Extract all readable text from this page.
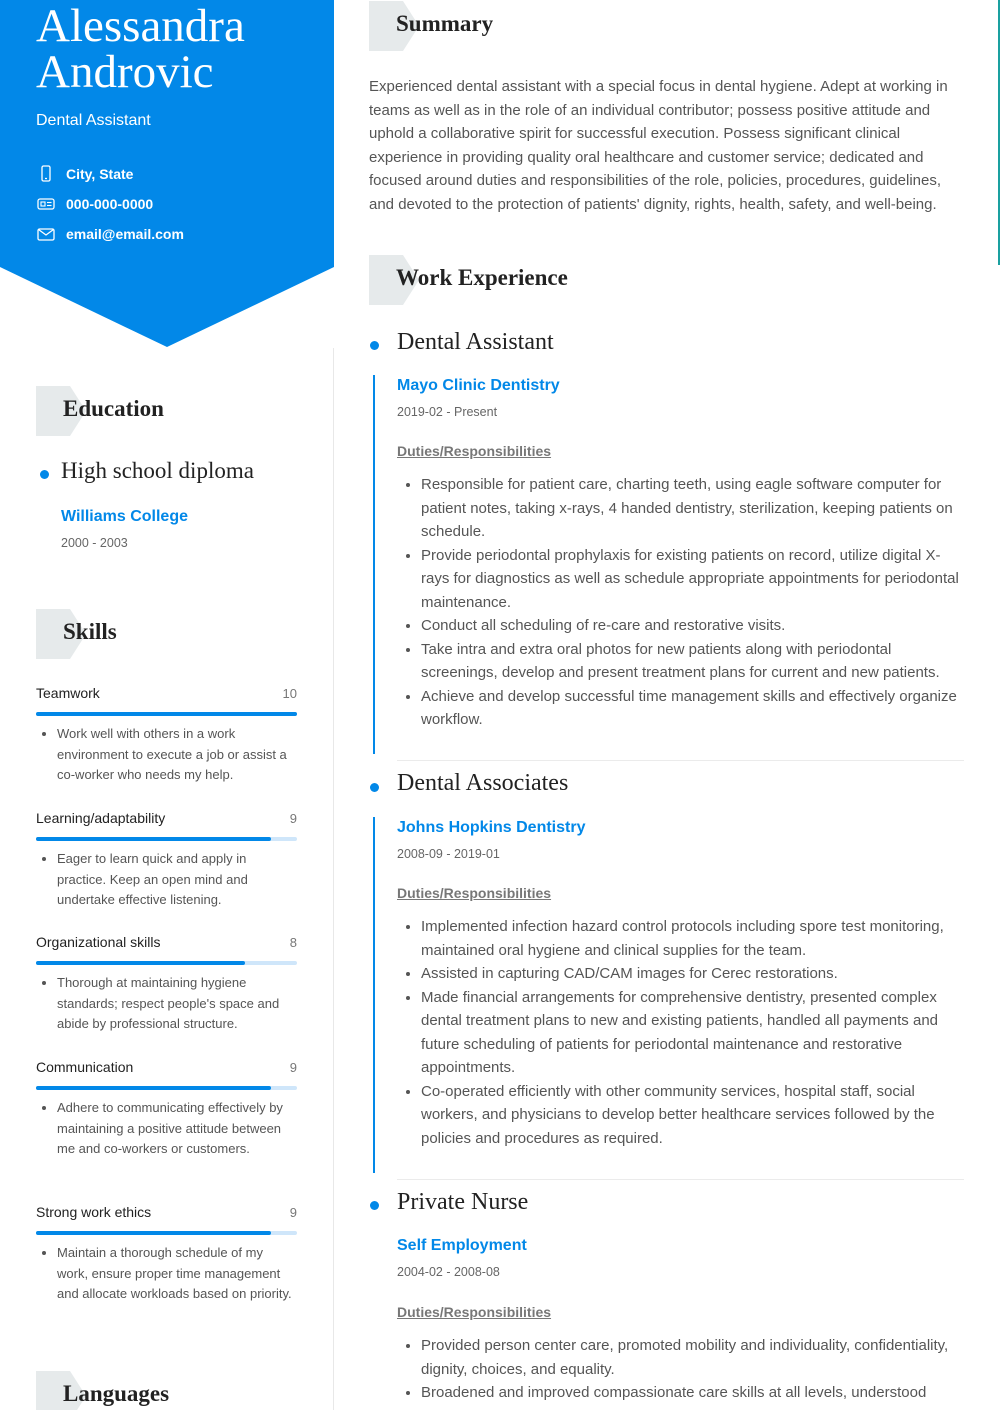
Alessandra Androvic
Dental Assistant
City, State
000-000-0000
email@email.com
Education
High school diploma
Williams College
2000 - 2003
Skills
Teamwork	10
Work well with others in a work environment to execute a job or assist a co-worker who needs my help.
Learning/adaptability	9
Eager to learn quick and apply in practice. Keep an open mind and undertake effective listening.
Organizational skills	8
Thorough at maintaining hygiene standards; respect people's space and abide by professional structure.
Communication	9
Adhere to communicating effectively by maintaining a positive attitude between me and co-workers or customers.
Strong work ethics	9
Maintain a thorough schedule of my work, ensure proper time management and allocate workloads based on priority.
Languages
Summary
Experienced dental assistant with a special focus in dental hygiene. Adept at working in teams as well as in the role of an individual contributor; possess positive attitude and uphold a collaborative spirit for successful execution. Possess significant clinical experience in providing quality oral healthcare and customer service; dedicated and focused around duties and responsibilities of the role, policies, procedures, guidelines, and devoted to the protection of patients' dignity, rights, health, safety, and well-being.
Work Experience
Dental Assistant
Mayo Clinic Dentistry
2019-02 - Present
Duties/Responsibilities
Responsible for patient care, charting teeth, using eagle software computer for patient notes, taking x-rays, 4 handed dentistry, sterilization, keeping patients on schedule.
Provide periodontal prophylaxis for existing patients on record, utilize digital X-rays for diagnostics as well as schedule appropriate appointments for periodontal maintenance.
Conduct all scheduling of re-care and restorative visits.
Take intra and extra oral photos for new patients along with periodontal screenings, develop and present treatment plans for current and new patients.
Achieve and develop successful time management skills and effectively organize workflow.
Dental Associates
Johns Hopkins Dentistry
2008-09 - 2019-01
Duties/Responsibilities
Implemented infection hazard control protocols including spore test monitoring, maintained oral hygiene and clinical supplies for the team.
Assisted in capturing CAD/CAM images for Cerec restorations.
Made financial arrangements for comprehensive dentistry, presented complex dental treatment plans to new and existing patients, handled all payments and future scheduling of patients for periodontal maintenance and restorative appointments.
Co-operated efficiently with other community services, hospital staff, social workers, and physicians to develop better healthcare services followed by the policies and procedures as required.
Private Nurse
Self Employment
2004-02 - 2008-08
Duties/Responsibilities
Provided person center care, promoted mobility and individuality, confidentiality, dignity, choices, and equality.
Broadened and improved compassionate care skills at all levels, understood
